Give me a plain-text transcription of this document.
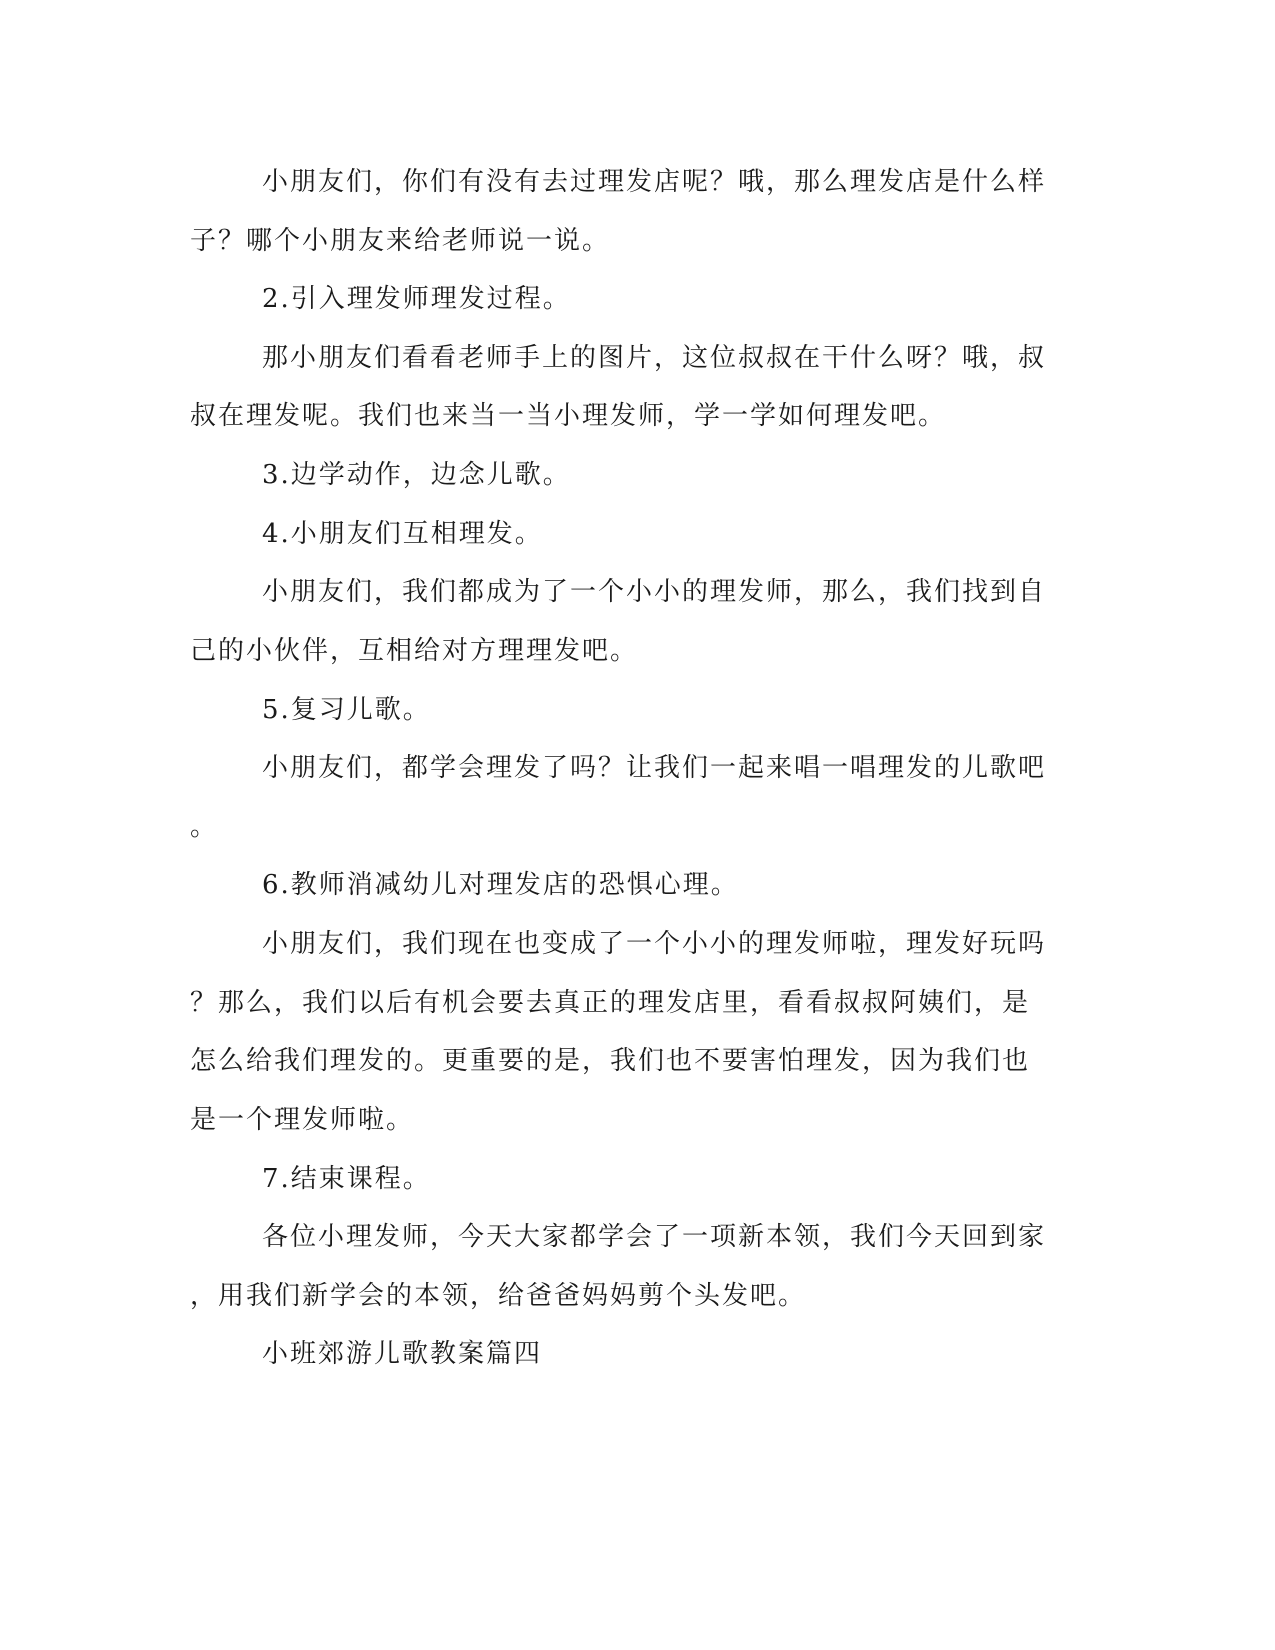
小朋友们，你们有没有去过理发店呢？哦，那么理发店是什么样
子？哪个小朋友来给老师说一说。
2.引入理发师理发过程。
那小朋友们看看老师手上的图片，这位叔叔在干什么呀？哦，叔
叔在理发呢。我们也来当一当小理发师，学一学如何理发吧。
3.边学动作，边念儿歌。
4.小朋友们互相理发。
小朋友们，我们都成为了一个小小的理发师，那么，我们找到自
己的小伙伴，互相给对方理理发吧。
5.复习儿歌。
小朋友们，都学会理发了吗？让我们一起来唱一唱理发的儿歌吧
。
6.教师消减幼儿对理发店的恐惧心理。
小朋友们，我们现在也变成了一个小小的理发师啦，理发好玩吗
？那么，我们以后有机会要去真正的理发店里，看看叔叔阿姨们，是
怎么给我们理发的。更重要的是，我们也不要害怕理发，因为我们也
是一个理发师啦。
7.结束课程。
各位小理发师，今天大家都学会了一项新本领，我们今天回到家
，用我们新学会的本领，给爸爸妈妈剪个头发吧。
小班郊游儿歌教案篇四
